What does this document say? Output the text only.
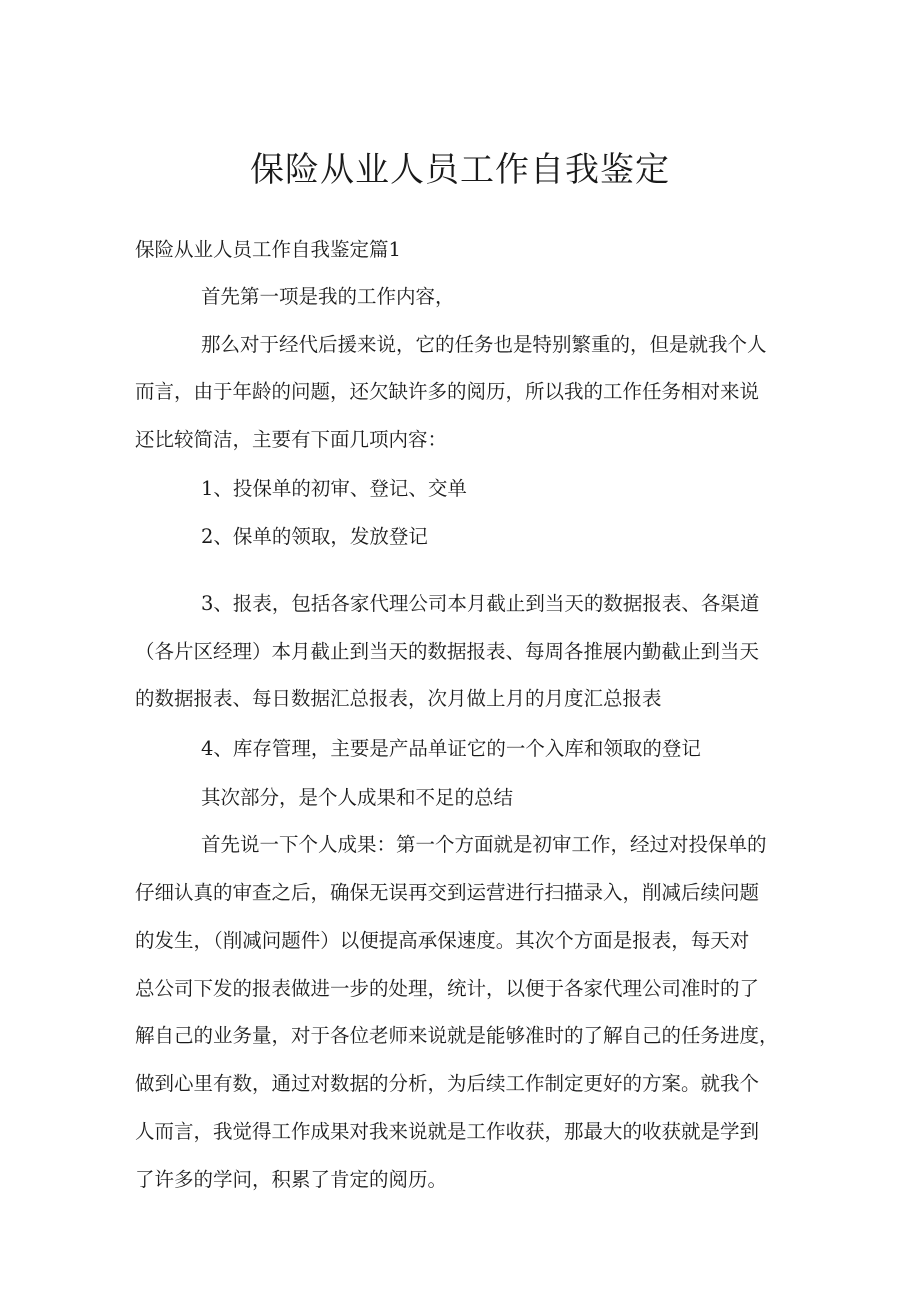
保险从业人员工作自我鉴定

保险从业人员工作自我鉴定篇1

首先第一项是我的工作内容，

那么对于经代后援来说，它的任务也是特别繁重的，但是就我个人

而言，由于年龄的问题，还欠缺许多的阅历，所以我的工作任务相对来说

还比较简洁，主要有下面几项内容：

1、投保单的初审、登记、交单

2、保单的领取，发放登记

3、报表，包括各家代理公司本月截止到当天的数据报表、各渠道

（各片区经理）本月截止到当天的数据报表、每周各推展内勤截止到当天

的数据报表、每日数据汇总报表，次月做上月的月度汇总报表

4、库存管理，主要是产品单证它的一个入库和领取的登记

其次部分，是个人成果和不足的总结

首先说一下个人成果：第一个方面就是初审工作，经过对投保单的

仔细认真的审查之后，确保无误再交到运营进行扫描录入，削减后续问题

的发生，（削减问题件）以便提高承保速度。其次个方面是报表，每天对

总公司下发的报表做进一步的处理，统计，以便于各家代理公司准时的了

解自己的业务量，对于各位老师来说就是能够准时的了解自己的任务进度，

做到心里有数，通过对数据的分析，为后续工作制定更好的方案。就我个

人而言，我觉得工作成果对我来说就是工作收获，那最大的收获就是学到

了许多的学问，积累了肯定的阅历。
